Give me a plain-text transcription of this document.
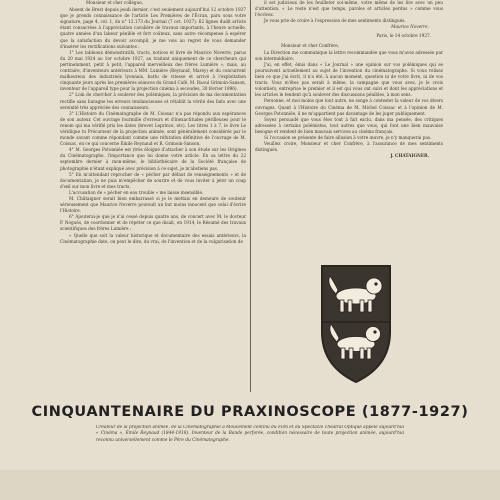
Monsieur et cher collègue,

Absent de Brest depuis jeudi dernier, c'est seulement aujourd'hui 12 octobre 1927 que je prends connaissance de l'article Les Premières de l'Écran, paru sous votre signature, page 4, col. 1, du n° 12.173 du Journal (7 oct. 1927). 62 lignes dudit article étant consacrées à l'appréciation cavalière de travaux importants, à l'heure actuelle, quatre années d'un labeur pénible et fort coûteux, sans autre récompense à espérer que la satisfaction du devoir accompli, je me vois au regret de vous demander d'insérer les rectifications suivantes :

1° Les tableaux démonstratifs, tracts, notices et livre de Maurice Noverre, parus du 20 mai 1924 au 1er octobre 1927, au traitant uniquement de ce chercheurs qui pertinemment, petit à petit, l'appareil merveilleux des frères Lumière », mais, au contraire, d'inventeurs antérieurs à MM. Lumière (Reynaud, Marey) et du concurrent malheureux des industriels lyonnais, battu de vitesse et arrivé à l'exploitation cinquante jours après les premières séances du Grand Café, M. Raoul Grimoin-Sanson, inventeur de l'appareil type pour la projection cinéma à secoudes, 30 février 1896).

2° Loin de chercher à soulever des polémiques, la précision de ma documentation rectifie sans baragne les erreurs tendancieuses et rétablit la vérité des faits avec une sereinité très appréciée des connaisseurs.

3° L'Histoire du Cinématographe de M. Coissac n'a pas répondu aux espérances de son auteur. Cet ouvrage fourmille d'erreurs et d'inexactitudes périlleuses pour le renom qui ma vérifié pris les dates (brevet Leprince, etc). Les titres 1 à 7, le livre Le véridique tu Précurseur de la projection animée, sont généralement considérés par le monde savant comme répondant comme une réfutation définitive de l'ouvrage de M. Coissac, en ce qui concerne Émile Reynaud et R. Grimoin-Sanson.

4° M. Georges Potonniée est (très éloigné d'attacher à son étude sur les Origines du Cinématographe, l'importance que lui donne votre article. En sa lettre du 22 septembre dernier à mon-même, le bibliothécaire de la Société française de photographie n'étant expliqué avec précision à ce sujet, je m'abstiens pas.

5° En m'attendant reprocher de « pécher par défaut de renseignements » et de documentation, je ne puis m'empêcher de sourire et de vous inviter à jeter un coup d'œil sur mon livre et mes tracts.

L'accusation de « pécher en eau trouble » me laisse insensible.

M. Châtaigner serait bien embarrassé si je le mettais en demeure de soutenir sérieusement que Maurice Noverre poursuit un but moins innocent que celui d'écrire l'Histoire.

6° Ajouterai-je que je n'ai cessé depuis quatre ans, de concert avec M. le docteur P. Noguès, de coordonner et de répéter ce que disait, en 1914, le Résumé des travaux scientifiques des frères Lumière :

« Quelle que soit la valeur historique et documentaire des essais antérieurs, la Cinématographie date, on peut le dire, du vrai, de l'invention et de la vulgarisation de

il est judicieux de les feuilleter soi-même, votre même de les lire avec un peu d'attention. « Le reste n'est que temps, paroles et articles perdus » comme vous l'écrivez.

Je vous prie de croire à l'expression de mes sentiments distingués.

Maurice Noverre.

Paris, le 14 octobre 1927.

Monsieur et cher Confrère,

La Direction me communique la lettre recommandée que vous m'avez adressée par son intermédiaire.

J'ai, en effet, émis dans « Le Journal » une opinion sur vos polémiques qui se poursuivent actuellement au sujet de l'invention du cinématographe. Si vous relisez bien ce que j'ai écrit, il n'a été, à aucun moment, question ni de votre livre, ni de vos tracts. Vous m'êtes pas serait à même, la campagne que vous avez, je le crois volontiers, entreprise le premier et il est qui vous ont suivi et dont les appréciations et les articles le tendent qu'à soulever des discussions pénibles, à mon sens.

Personne, et moi moins que tout autre, ne songe à contester la valeur de vos divers ouvrages. Quant à l'Histoire du Cinéma de M. Michel Coissac et à l'opinion de M. Georges Potonniée, il ne m'appartient pas davantage de les juger publiquement.

Soyez persuadé que vous êtes tout à fait exclu, dans ma pensée, des critiques adressées à certains polémistes, tout autres que vous, qui font une bien mauvaise besogne et rendent de bien mauvais services au cinéma français.

Si l'occasion se présente de faire allusion à votre œuvre, je n'y manquerai pas.

Veuillez croire, Monsieur et cher Confrère, à l'assurance de mes sentiments distingués.

J. CHATAIGNER.

CINQUANTENAIRE DU PRAXINOSCOPE (1877-1927)
Créateur de la projection animée, de la Cinématographie à Mouvement continu du Film et du Spectacle Théâtral Optique appelé aujourd'hui « Cinéma », Émile Reynaud (1844-1918). Inventeur de la Bande perforée, condition nécessaire de toute projection animée, aujourd'hui reconnu universellement comme le Père du Cinématographe.
